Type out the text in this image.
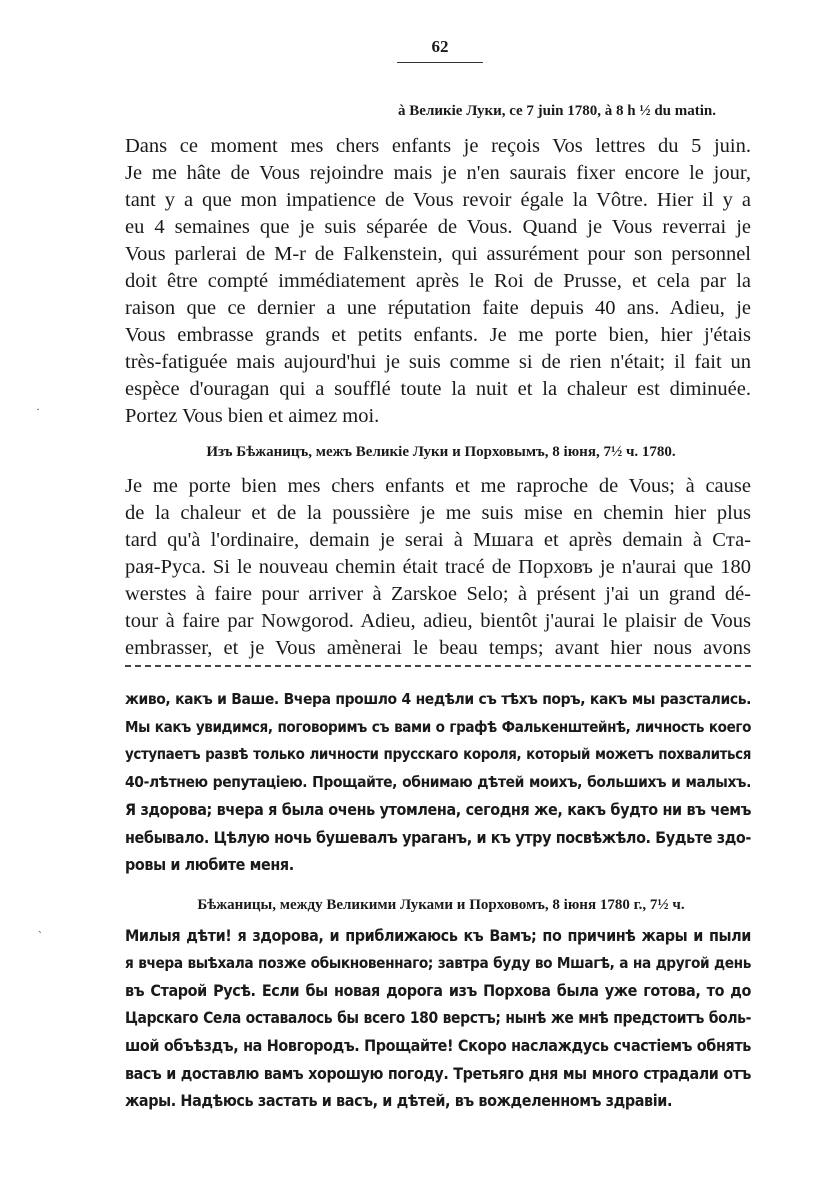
62
à Великіе Луки, ce 7 juin 1780, à 8 h ½ du matin.
Dans ce moment mes chers enfants je reçois Vos lettres du 5 juin.
Je me hâte de Vous rejoindre mais je n'en saurais fixer encore le jour,
tant y a que mon impatience de Vous revoir égale la Vôtre. Hier il y a
eu 4 semaines que je suis séparée de Vous. Quand je Vous reverrai je
Vous parlerai de M-r de Falkenstein, qui assurément pour son personnel
doit être compté immédiatement après le Roi de Prusse, et cela par la
raison que ce dernier a une réputation faite depuis 40 ans. Adieu, je
Vous embrasse grands et petits enfants. Je me porte bien, hier j'étais
très-fatiguée mais aujourd'hui je suis comme si de rien n'était; il fait un
espèce d'ouragan qui a soufflé toute la nuit et la chaleur est diminuée.
Portez Vous bien et aimez moi.
Изъ Бѣжаницъ, межъ Великіе Луки и Порховымъ, 8 іюня, 7½ ч. 1780.
Je me porte bien mes chers enfants et me raproche de Vous; à cause
de la chaleur et de la poussière je me suis mise en chemin hier plus
tard qu'à l'ordinaire, demain je serai à Мшага et après demain à Cта-
рая-Руса. Si le nouveau chemin était tracé de Порховъ je n'aurai que 180
werstes à faire pour arriver à Zarskoe Selo; à présent j'ai un grand dé-
tour à faire par Nowgorod. Adieu, adieu, bientôt j'aurai le plaisir de Vous
embrasser, et je Vous amènerai le beau temps; avant hier nous avons
живо, какъ и Ваше. Вчера прошло 4 недѣли съ тѣхъ поръ, какъ мы разстались.
Мы какъ увидимся, поговоримъ съ вами о графѣ Фалькенштейнѣ, личность коего
уступаетъ развѣ только личности прусскаго короля, который можетъ похвалиться
40-лѣтнею репутаціею. Прощайте, обнимаю дѣтей моихъ, большихъ и малыхъ.
Я здорова; вчера я была очень утомлена, сегодня же, какъ будто ни въ чемъ
небывало. Цѣлую ночь бушевалъ ураганъ, и къ утру посвѣжѣло. Будьте здо-
ровы и любите меня.
Бѣжаницы, между Великими Луками и Порховомъ, 8 іюня 1780 г., 7½ ч.
Милыя дѣти! я здорова, и приближаюсь къ Вамъ; по причинѣ жары и пыли
я вчера выѣхала позже обыкновеннаго; завтра буду во Мшагѣ, а на другой день
въ Старой Русѣ. Если бы новая дорога изъ Порхова была уже готова, то до
Царскаго Села оставалось бы всего 180 верстъ; нынѣ же мнѣ предстоитъ боль-
шой объѣздъ, на Новгородъ. Прощайте! Скоро наслаждусь счастіемъ обнять
васъ и доставлю вамъ хорошую погоду. Третьяго дня мы много страдали отъ
жары. Надѣюсь застать и васъ, и дѣтей, въ вожделенномъ здравіи.
·
˴
